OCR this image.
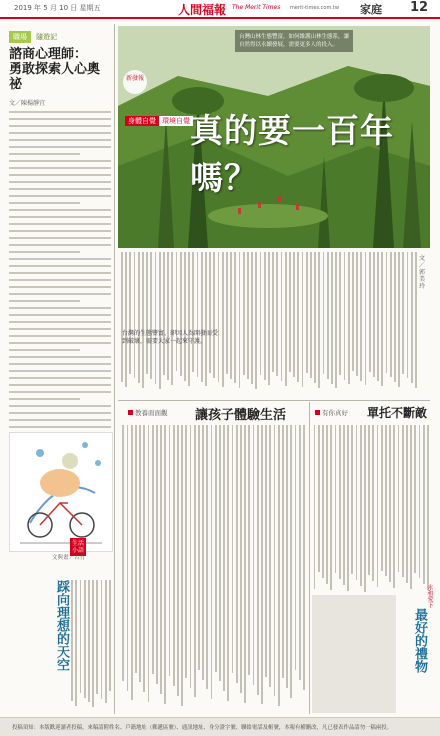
2019 年 5 月 10 日 星期五	人間福報 The Merit Times merit-times.com.tw 家庭 12
職場 隨遊記
諮商心理師：
勇敢探索人心奧祕
文／陳楊靜宜
台灣山林生態豐富，如何維護山林生態系，讓自然得以永續發展，需要更多人的投入。
新發報
身體自覺 環境自覺 真的要一百年嗎？
文／郭美玲
台灣的生態豐富，卻因人為開發而受到破壞，需要大家一起來守護。
教養面面觀 讓孩子體驗生活	有你真好 單托不斷敵
永和愛下
最好的禮物
生活小語
文與畫／古竹
踩向理想的天空
投稿須知：本版歡迎讀者投稿，來稿請附姓名、戶籍地址（郵遞區號）、通訊地址、身分證字號、聯絡電話及帳號，本報有權刪改，凡已發表作品請勿一稿兩投。
